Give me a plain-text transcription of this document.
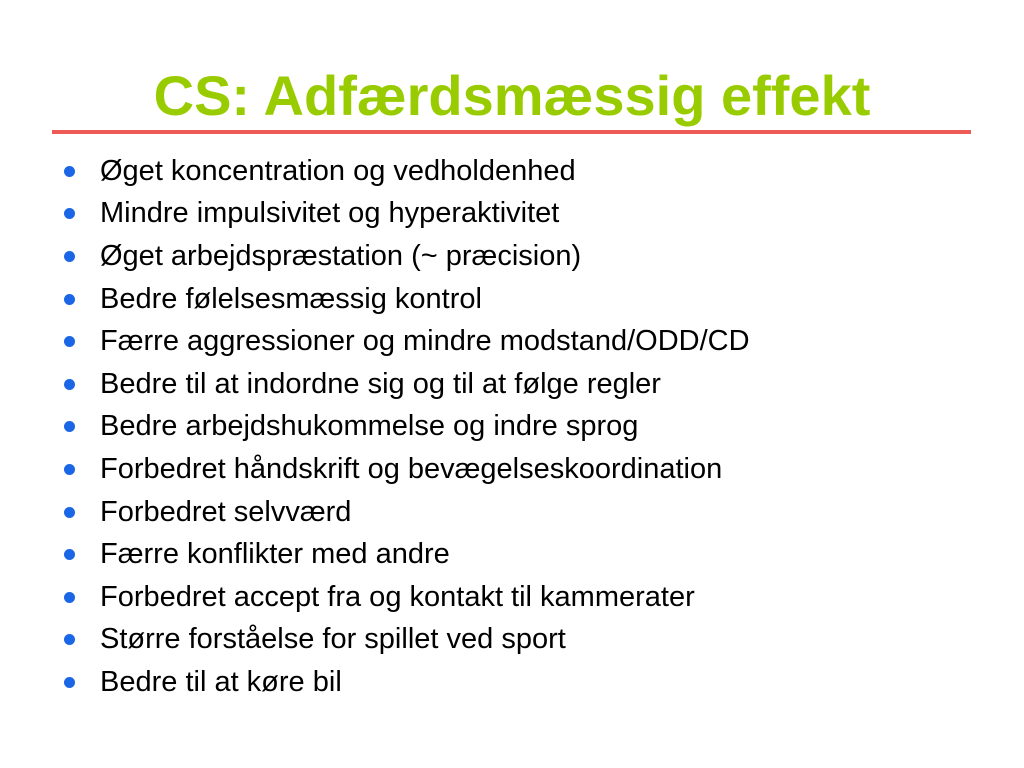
CS: Adfærdsmæssig effekt
Øget koncentration og vedholdenhed
Mindre impulsivitet og hyperaktivitet
Øget arbejdspræstation (~ præcision)
Bedre følelsesmæssig kontrol
Færre aggressioner og mindre modstand/ODD/CD
Bedre til at indordne sig og til at følge regler
Bedre arbejdshukommelse og indre sprog
Forbedret håndskrift og bevægelseskoordination
Forbedret selvværd
Færre konflikter med andre
Forbedret accept fra og kontakt til kammerater
Større forståelse for spillet ved sport
Bedre til at køre bil
